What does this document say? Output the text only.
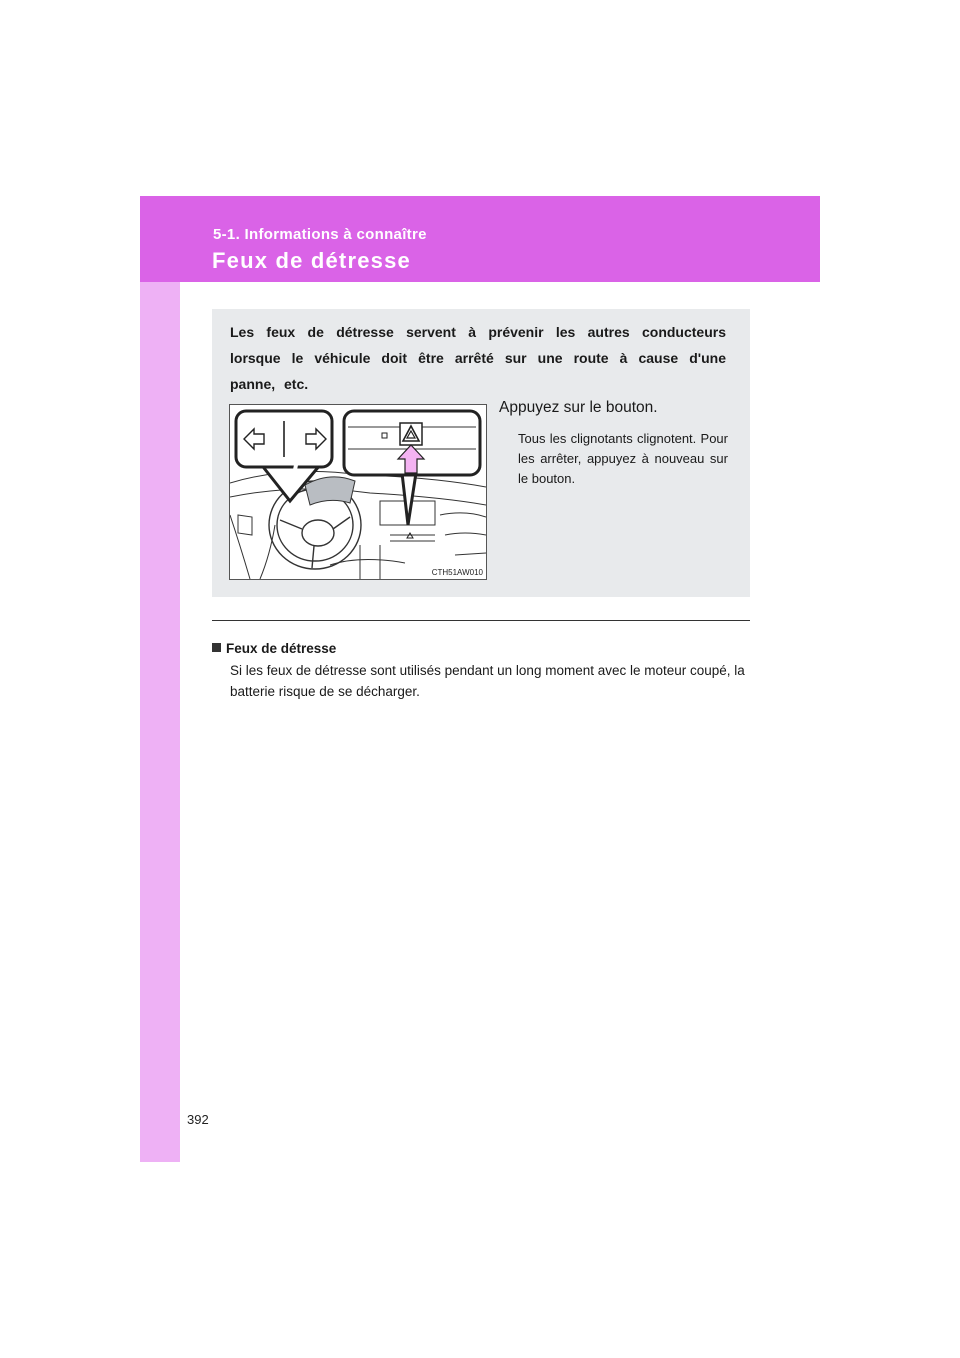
5-1. Informations à connaître
Feux de détresse
Les feux de détresse servent à prévenir les autres conducteurs lorsque le véhicule doit être arrêté sur une route à cause d'une panne, etc.
CTH51AW010
Appuyez sur le bouton.
Tous les clignotants clignotent. Pour les arrêter, appuyez à nouveau sur le bouton.
Feux de détresse
Si les feux de détresse sont utilisés pendant un long moment avec le moteur coupé, la batterie risque de se décharger.
392
